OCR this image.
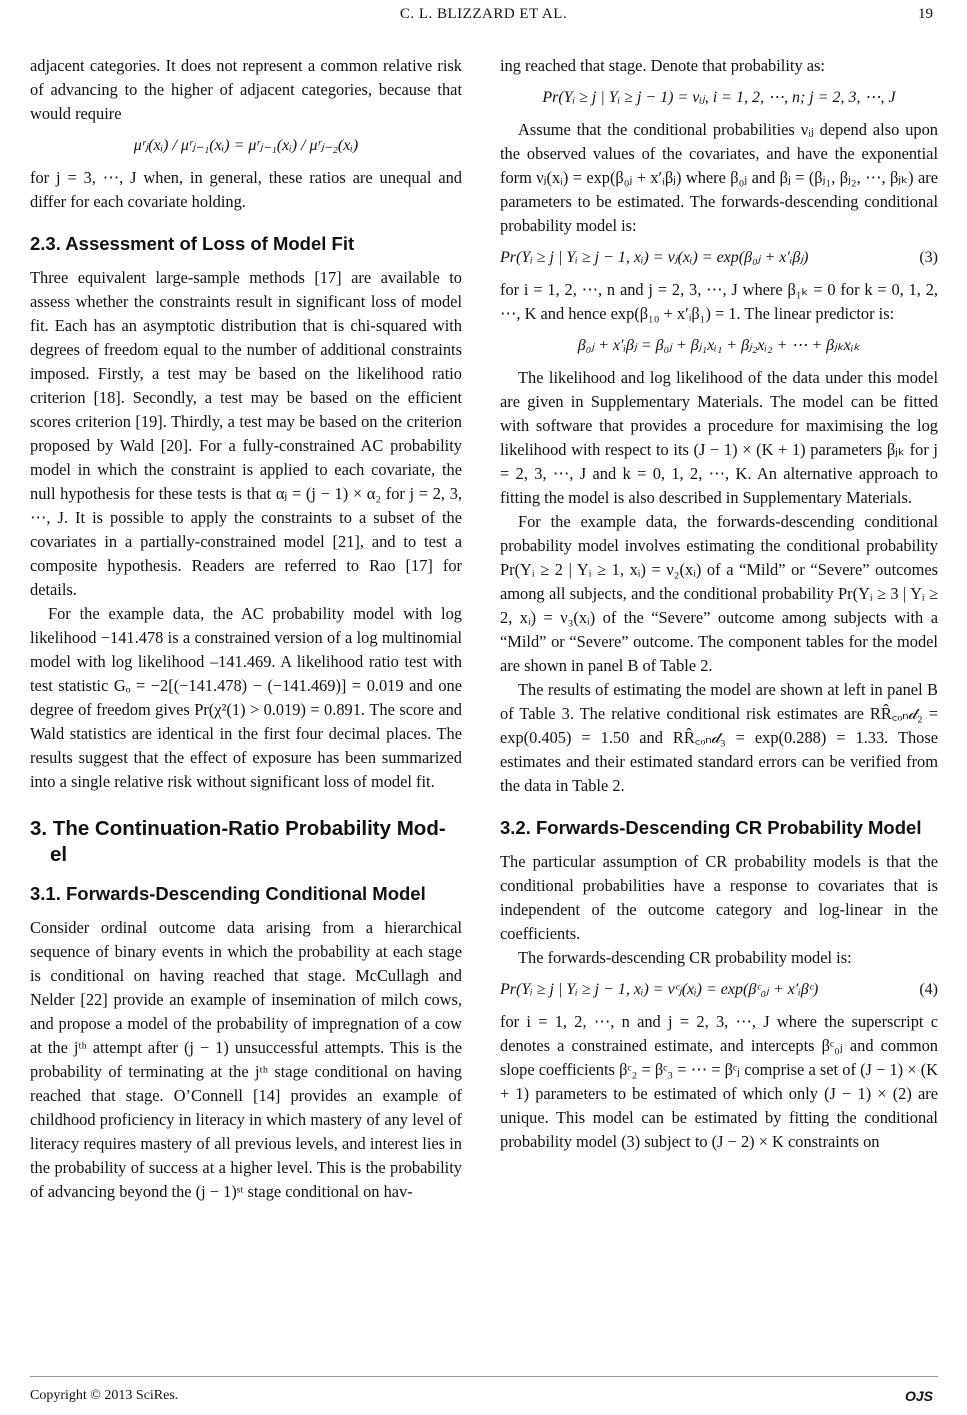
C. L. BLIZZARD ET AL.	19

adjacent categories. It does not represent a common relative risk of advancing to the higher of adjacent categories, because that would require

μʳⱼ(xᵢ) / μʳⱼ₋₁(xᵢ) = μʳⱼ₋₁(xᵢ) / μʳⱼ₋₂(xᵢ)

for j = 3, ⋯, J when, in general, these ratios are unequal and differ for each covariate holding.

2.3. Assessment of Loss of Model Fit

Three equivalent large-sample methods [17] are available to assess whether the constraints result in significant loss of model fit. Each has an asymptotic distribution that is chi-squared with degrees of freedom equal to the number of additional constraints imposed. Firstly, a test may be based on the likelihood ratio criterion [18]. Secondly, a test may be based on the efficient scores criterion [19]. Thirdly, a test may be based on the criterion proposed by Wald [20]. For a fully-constrained AC probability model in which the constraint is applied to each covariate, the null hypothesis for these tests is that αⱼ = (j − 1) × α₂ for j = 2, 3, ⋯, J. It is possible to apply the constraints to a subset of the covariates in a partially-constrained model [21], and to test a composite hypothesis. Readers are referred to Rao [17] for details.

For the example data, the AC probability model with log likelihood −141.478 is a constrained version of a log multinomial model with log likelihood –141.469. A likelihood ratio test with test statistic Gₒ = −2[(−141.478) − (−141.469)] = 0.019 and one degree of freedom gives Pr(χ²(1) > 0.019) = 0.891. The score and Wald statistics are identical in the first four decimal places. The results suggest that the effect of exposure has been summarized into a single relative risk without significant loss of model fit.

3. The Continuation-Ratio Probability Mod-
el
3.1. Forwards-Descending Conditional Model

Consider ordinal outcome data arising from a hierarchical sequence of binary events in which the probability at each stage is conditional on having reached that stage. McCullagh and Nelder [22] provide an example of insemination of milch cows, and propose a model of the probability of impregnation of a cow at the jᵗʰ attempt after (j − 1) unsuccessful attempts. This is the probability of terminating at the jᵗʰ stage conditional on having reached that stage. O’Connell [14] provides an example of childhood proficiency in literacy in which mastery of any level of literacy requires mastery of all previous levels, and interest lies in the probability of success at a higher level. This is the probability of advancing beyond the (j − 1)ˢᵗ stage conditional on hav-

ing reached that stage. Denote that probability as:

Pr(Yᵢ ≥ j | Yᵢ ≥ j − 1) = νᵢⱼ, i = 1, 2, ⋯, n; j = 2, 3, ⋯, J

Assume that the conditional probabilities νᵢⱼ depend also upon the observed values of the covariates, and have the exponential form νⱼ(xᵢ) = exp(β₀ⱼ + x′ᵢβⱼ) where β₀ⱼ and βⱼ = (βⱼ₁, βⱼ₂, ⋯, βⱼₖ) are parameters to be estimated. The forwards-descending conditional probability model is:

Pr(Yᵢ ≥ j | Yᵢ ≥ j − 1, xᵢ) = νⱼ(xᵢ) = exp(β₀ⱼ + x′ᵢβⱼ)	(3)

for i = 1, 2, ⋯, n and j = 2, 3, ⋯, J where β₁ₖ = 0 for k = 0, 1, 2, ⋯, K and hence exp(β₁₀ + x′ᵢβ₁) = 1. The linear predictor is:

β₀ⱼ + x′ᵢβⱼ = β₀ⱼ + βⱼ₁xᵢ₁ + βⱼ₂xᵢ₂ + ⋯ + βⱼₖxᵢₖ

The likelihood and log likelihood of the data under this model are given in Supplementary Materials. The model can be fitted with software that provides a procedure for maximising the log likelihood with respect to its (J − 1) × (K + 1) parameters βⱼₖ for j = 2, 3, ⋯, J and k = 0, 1, 2, ⋯, K. An alternative approach to fitting the model is also described in Supplementary Materials.

For the example data, the forwards-descending conditional probability model involves estimating the conditional probability Pr(Yᵢ ≥ 2 | Yᵢ ≥ 1, xᵢ) = ν₂(xᵢ) of a “Mild” or “Severe” outcomes among all subjects, and the conditional probability Pr(Yᵢ ≥ 3 | Yᵢ ≥ 2, xᵢ) = ν₃(xᵢ) of the “Severe” outcome among subjects with a “Mild” or “Severe” outcome. The component tables for the model are shown in panel B of Table 2.

The results of estimating the model are shown at left in panel B of Table 3. The relative conditional risk estimates are RR̂꜀ₒₙ𝒹₂ = exp(0.405) = 1.50 and RR̂꜀ₒₙ𝒹₃ = exp(0.288) = 1.33. Those estimates and their estimated standard errors can be verified from the data in Table 2.

3.2. Forwards-Descending CR Probability Model

The particular assumption of CR probability models is that the conditional probabilities have a response to covariates that is independent of the outcome category and log-linear in the coefficients.

The forwards-descending CR probability model is:

Pr(Yᵢ ≥ j | Yᵢ ≥ j − 1, xᵢ) = νᶜⱼ(xᵢ) = exp(βᶜ₀ⱼ + x′ᵢβᶜ)	(4)

for i = 1, 2, ⋯, n and j = 2, 3, ⋯, J where the superscript c denotes a constrained estimate, and intercepts βᶜ₀ⱼ and common slope coefficients βᶜ₂ = βᶜ₃ = ⋯ = βᶜⱼ comprise a set of (J − 1) × (K + 1) parameters to be estimated of which only (J − 1) × (2) are unique. This model can be estimated by fitting the conditional probability model (3) subject to (J − 2) × K constraints on

Copyright © 2013 SciRes.	OJS
